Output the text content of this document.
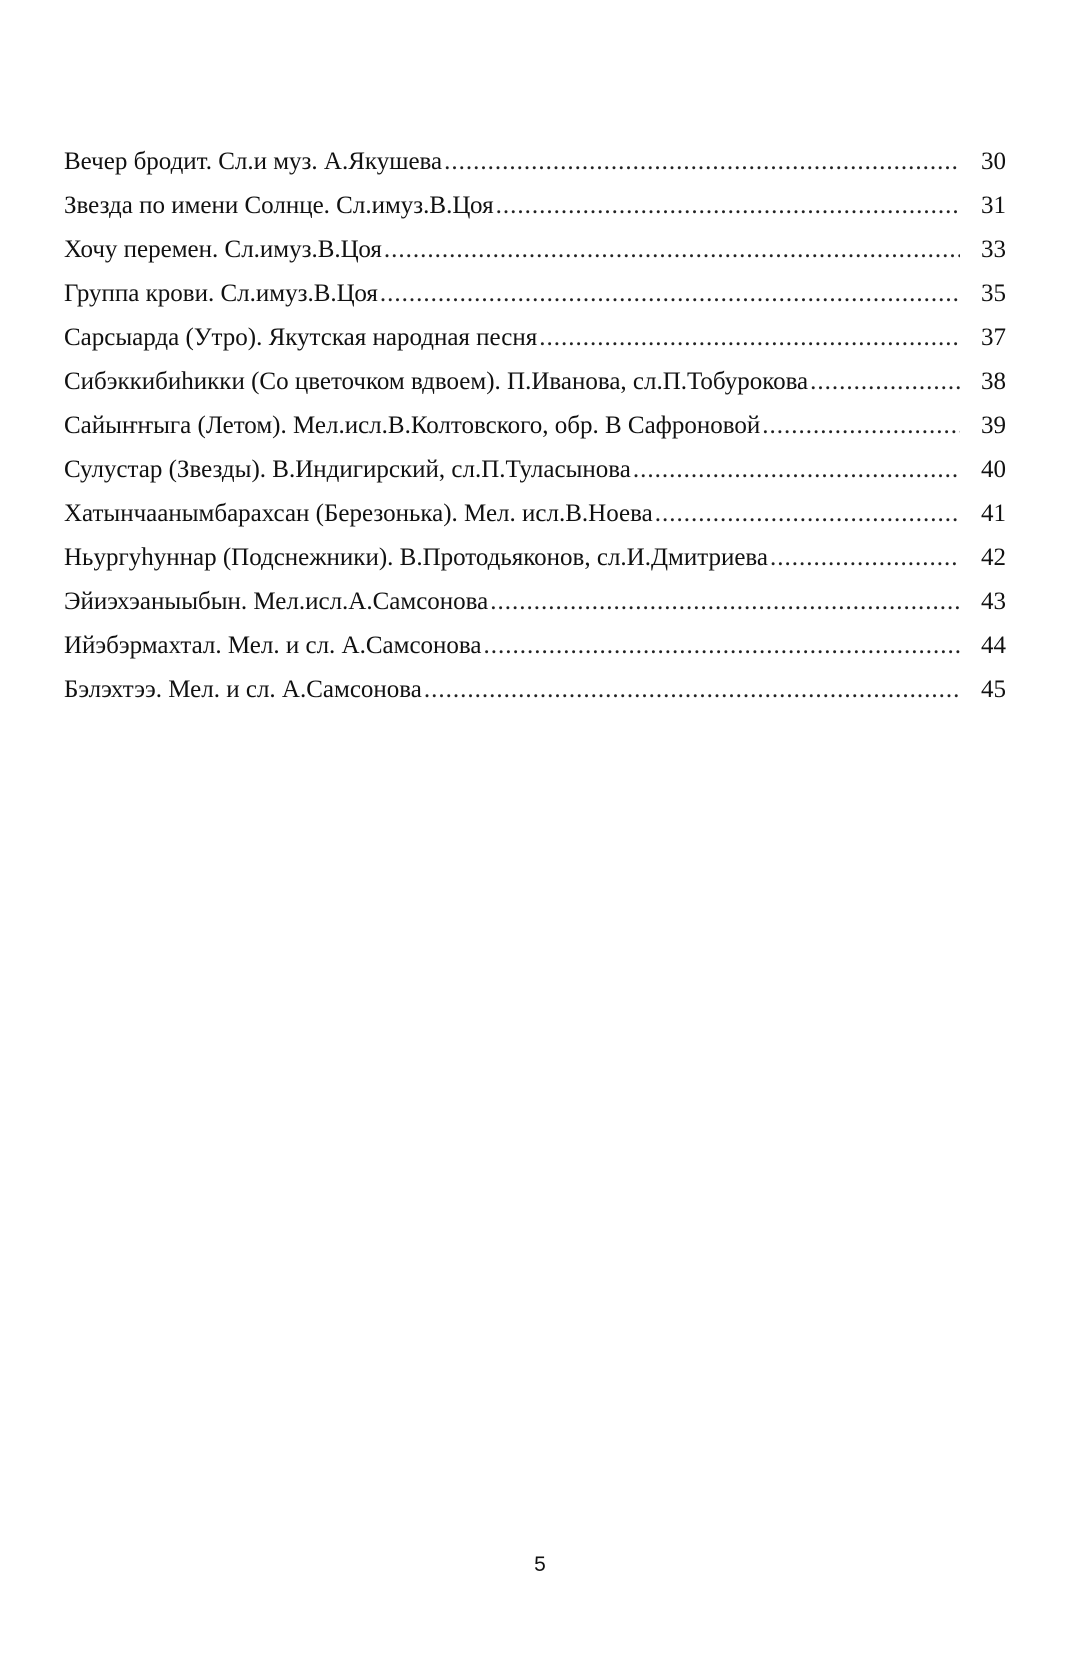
Вечер бродит. Сл.и муз. А.Якушева .....	30
Звезда по имени Солнце. Сл.имуз.В.Цоя .....	31
Хочу перемен. Сл.имуз.В.Цоя .....	33
Группа крови. Сл.имуз.В.Цоя .....	35
Сарсыарда (Утро). Якутская народная песня .....	37
Сибэккибиhикки (Со цветочком вдвоем). П.Иванова, сл.П.Тобурокова .....	38
Сайыҥҥыга (Летом). Мел.исл.В.Колтовского, обр. В Сафроновой .....	39
Сулустар (Звезды). В.Индигирский, сл.П.Туласынова .....	40
Хатынчаанымбарахсан (Березонька). Мел. исл.В.Ноева .....	41
Ньургуhуннар (Подснежники). В.Протодьяконов, сл.И.Дмитриева .....	42
Эйиэхэаныыбын. Мел.исл.А.Самсонова .....	43
Ийэбэрмахтал. Мел. и сл. А.Самсонова .....	44
Бэлэхтээ. Мел. и сл. А.Самсонова .....	45
5
